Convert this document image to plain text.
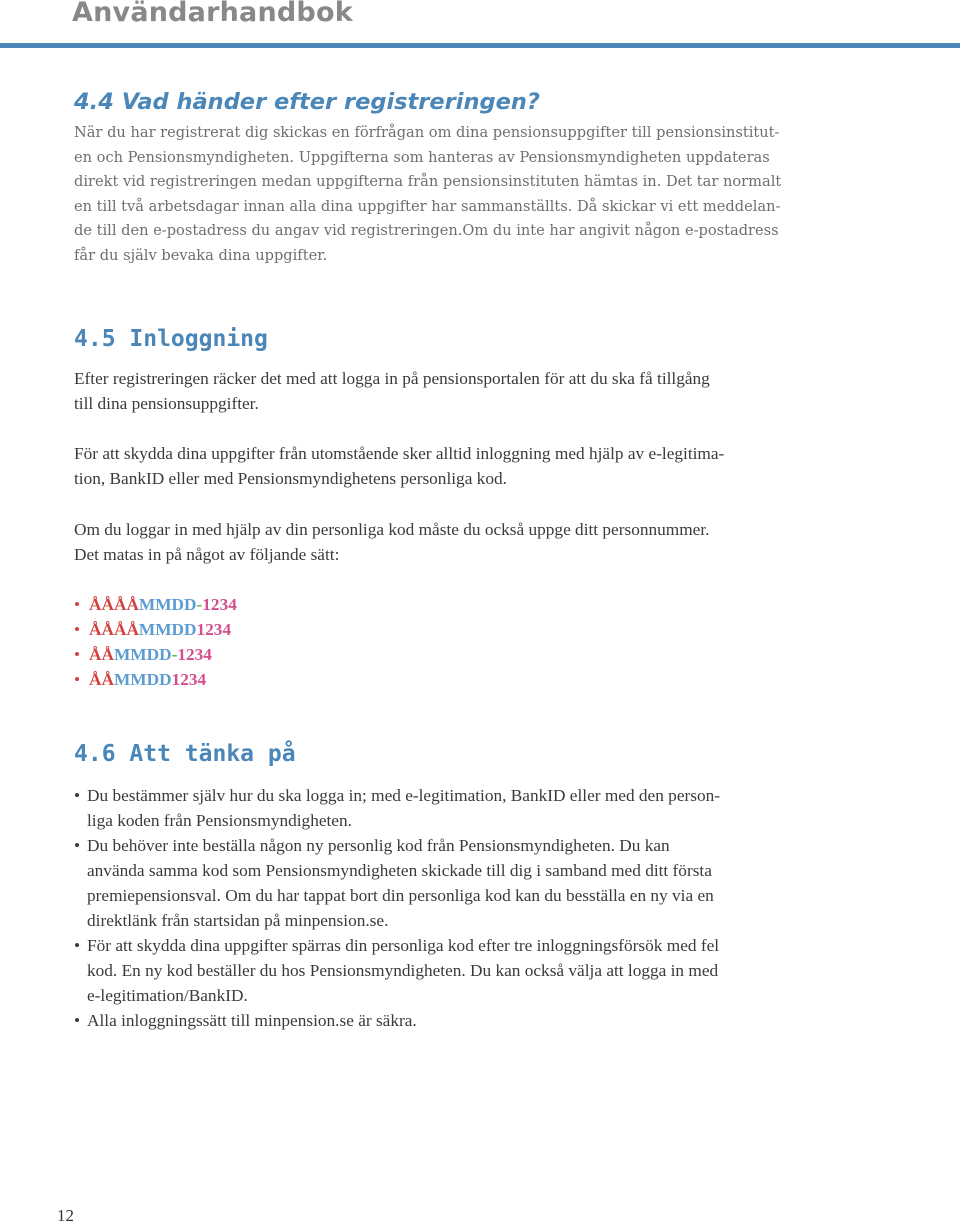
Användarhandbok
4.4 Vad händer efter registreringen?

När du har registrerat dig skickas en förfrågan om dina pensionsuppgifter till pensionsinstitut-
en och Pensionsmyndigheten. Uppgifterna som hanteras av Pensionsmyndigheten uppdateras
direkt vid registreringen medan uppgifterna från pensionsinstituten hämtas in. Det tar normalt
en till två arbetsdagar innan alla dina uppgifter har sammanställts. Då skickar vi ett meddelan-
de till den e-postadress du angav vid registreringen.Om du inte har angivit någon e-postadress
får du själv bevaka dina uppgifter.

4.5 Inloggning

Efter registreringen räcker det med att logga in på pensionsportalen för att du ska få tillgång
till dina pensionsuppgifter.

För att skydda dina uppgifter från utomstående sker alltid inloggning med hjälp av e-legitima-
tion, BankID eller med Pensionsmyndighetens personliga kod.

Om du loggar in med hjälp av din personliga kod måste du också uppge ditt personnummer.
Det matas in på något av följande sätt:

• ÅÅÅÅMMDD-1234
• ÅÅÅÅMMDD1234
• ÅÅMMDD-1234
• ÅÅMMDD1234
4.6 Att tänka på
• Du bestämmer själv hur du ska logga in; med e-legitimation, BankID eller med den person-
liga koden från Pensionsmyndigheten.
• Du behöver inte beställa någon ny personlig kod från Pensionsmyndigheten. Du kan
använda samma kod som Pensionsmyndigheten skickade till dig i samband med ditt första
premiepensionsval. Om du har tappat bort din personliga kod kan du besställa en ny via en
direktlänk från startsidan på minpension.se.
• För att skydda dina uppgifter spärras din personliga kod efter tre inloggningsförsök med fel
kod. En ny kod beställer du hos Pensionsmyndigheten. Du kan också välja att logga in med
e-legitimation/BankID.
• Alla inloggningssätt till minpension.se är säkra.
12
